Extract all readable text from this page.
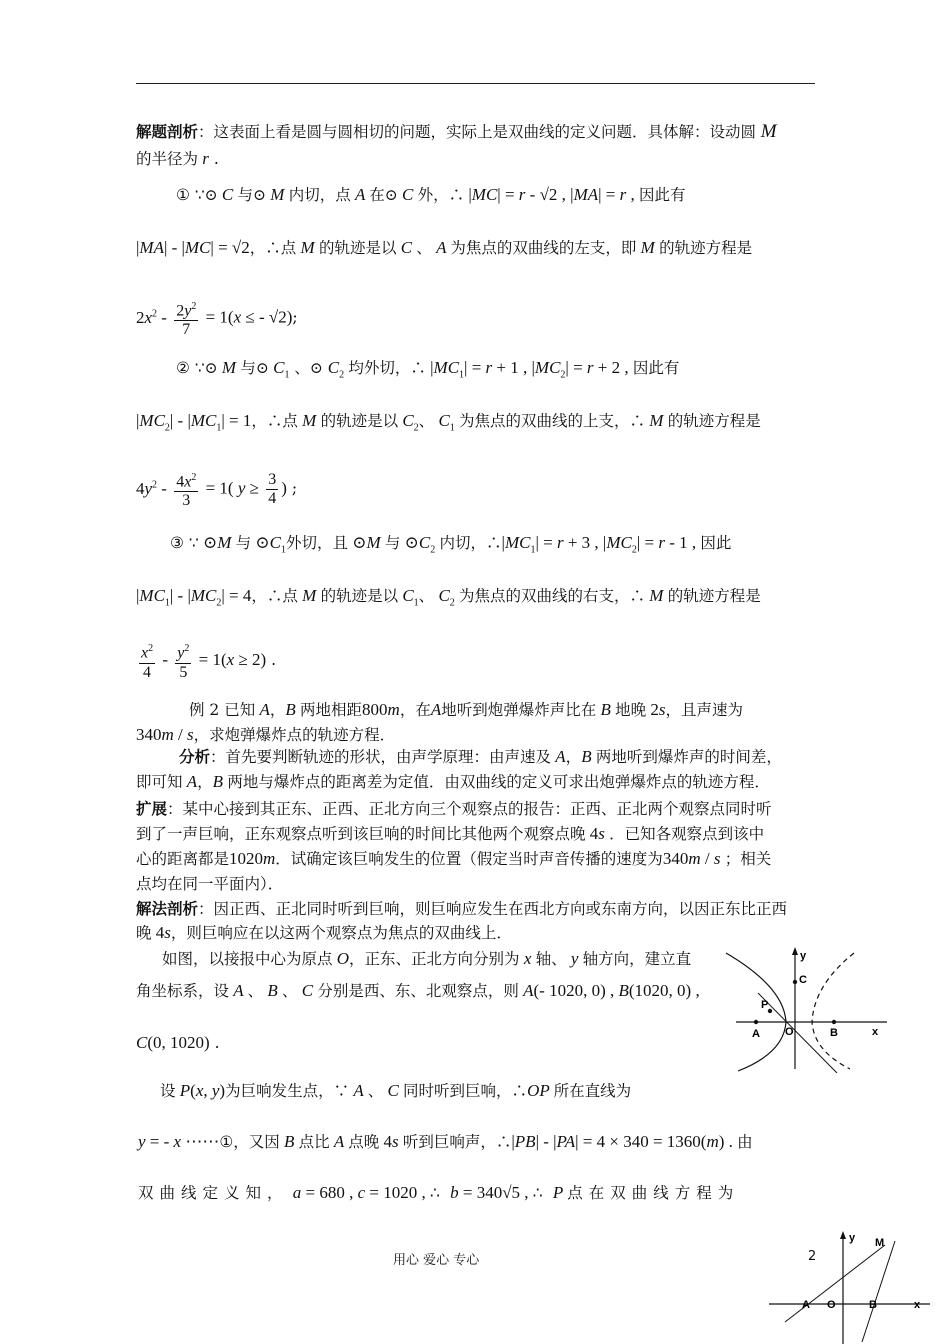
解题剖析：这表面上看是圆与圆相切的问题，实际上是双曲线的定义问题．具体解：设动圆 M
的半径为 r .
① ∵⊙ C 与⊙ M 内切，点 A 在⊙ C 外，∴ |MC| = r - √2 , |MA| = r , 因此有
|MA| - |MC| = √2，∴点 M 的轨迹是以 C 、 A 为焦点的双曲线的左支，即 M 的轨迹方程是
$2x^2 - \frac{2y^2}{7} = 1(x$ ≤ - √2);
② ∵⊙ M 与⊙ $C_1$ 、⊙ $C_2$ 均外切，∴ $|MC_1| = r + 1$ , $|MC_2| = r + 2$ , 因此有
$|MC_2| - |MC_1| = 1$，∴点 M 的轨迹是以 $C_2$、 $C_1$ 为焦点的双曲线的上支，∴ M 的轨迹方程是
$4y^2 - \frac{4x^2}{3} = 1$( $y \ge \frac{3}{4}$ ) ;
③ ∵ ⊙M 与 $⊙C_1$外切，且 ⊙M 与 $⊙C_2$ 内切，$\therefore|MC_1| = r + 3$ , $|MC_2| = r - 1$ , 因此
$|MC_1| - |MC_2| = 4$，∴点 M 的轨迹是以 $C_1$、 $C_2$ 为焦点的双曲线的右支，∴ M 的轨迹方程是
$\frac{x^2}{4} - \frac{y^2}{5} = 1(x \ge 2)$ .
例 2 已知 A，B 两地相距800m，在A地听到炮弹爆炸声比在 B 地晚 2s，且声速为
340m / s，求炮弹爆炸点的轨迹方程．
分析：首先要判断轨迹的形状，由声学原理：由声速及 A，B 两地听到爆炸声的时间差，
即可知 A，B 两地与爆炸点的距离差为定值．由双曲线的定义可求出炮弹爆炸点的轨迹方程．
扩展：某中心接到其正东、正西、正北方向三个观察点的报告：正西、正北两个观察点同时听
到了一声巨响，正东观察点听到该巨响的时间比其他两个观察点晚 4s ．已知各观察点到该中
心的距离都是1020m．试确定该巨响发生的位置（假定当时声音传播的速度为340m / s ；相关
点均在同一平面内）．
解法剖析：因正西、正北同时听到巨响，则巨响应发生在西北方向或东南方向，以因正东比正西
晚 4s，则巨响应在以这两个观察点为焦点的双曲线上．
如图，以接报中心为原点 O，正东、正北方向分别为 x 轴、 y 轴方向，建立直
角坐标系，设 A 、 B 、 C 分别是西、东、北观察点，则 A(- 1020, 0) , B(1020, 0) ,
C(0, 1020) .
设 P(x, y)为巨响发生点，∵ A 、 C 同时听到巨响，∴OP 所在直线为
y = - x ⋯⋯①，又因 B 点比 A 点晚 4s 听到巨响声，∴|PB| - |PA| = 4 × 340 = 1360(m) . 由
双曲线定义知， a = 680 , c = 1020 , ∴ b = 340√5 , ∴ P 点在双曲线方程为
y
C
P
A O	B	x
用心 爱心 专心	2
y M
A O	B	x
